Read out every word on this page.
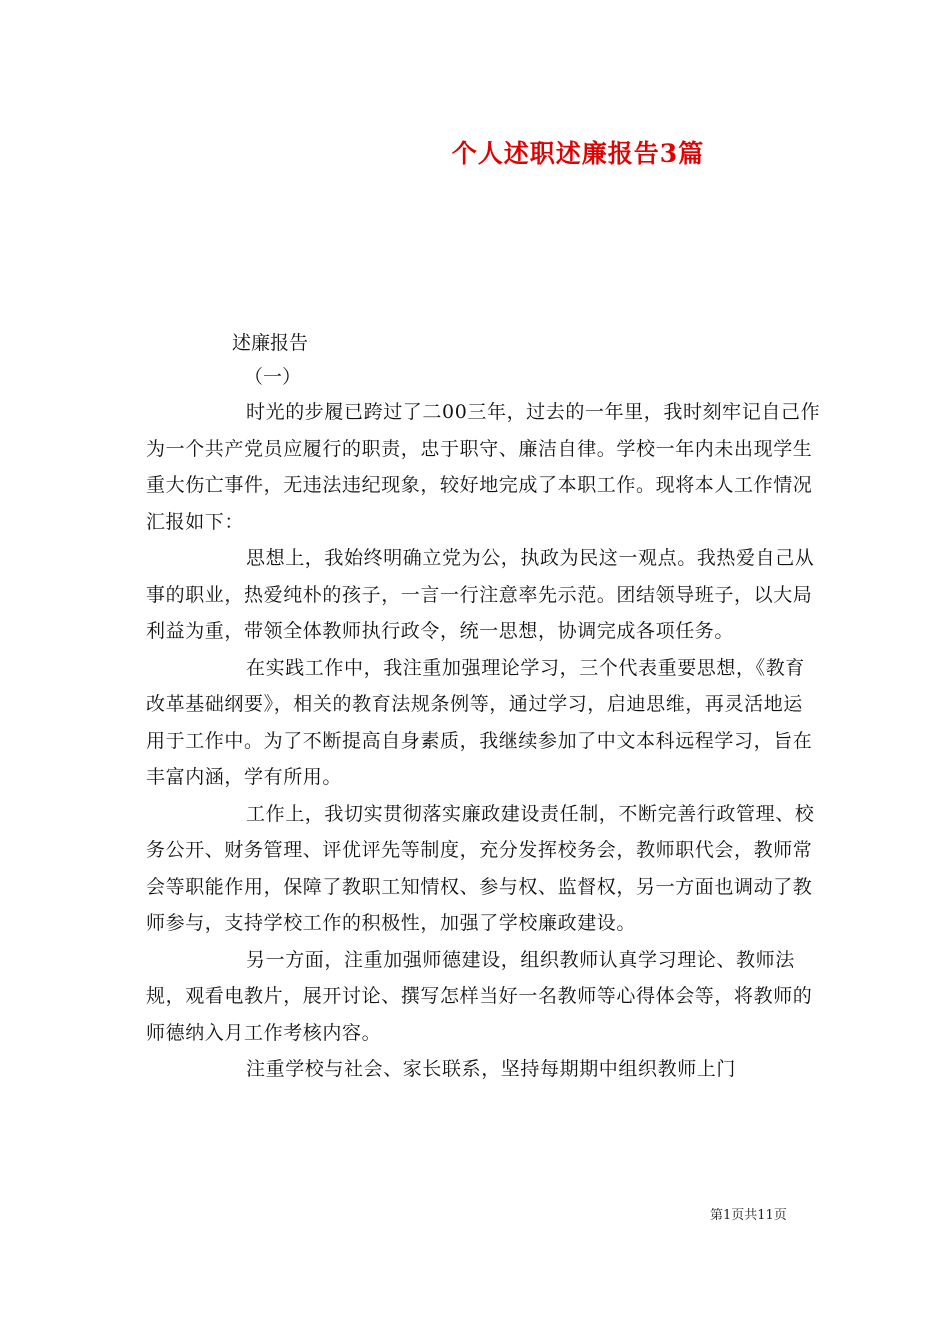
个人述职述廉报告3篇
述廉报告
（一）

时光的步履已跨过了二00三年，过去的一年里，我时刻牢记自己作为一个共产党员应履行的职责，忠于职守、廉洁自律。学校一年内未出现学生重大伤亡事件，无违法违纪现象，较好地完成了本职工作。现将本人工作情况汇报如下：

思想上，我始终明确立党为公，执政为民这一观点。我热爱自己从事的职业，热爱纯朴的孩子，一言一行注意率先示范。团结领导班子，以大局利益为重，带领全体教师执行政令，统一思想，协调完成各项任务。

在实践工作中，我注重加强理论学习，三个代表重要思想，《教育改革基础纲要》，相关的教育法规条例等，通过学习，启迪思维，再灵活地运用于工作中。为了不断提高自身素质，我继续参加了中文本科远程学习，旨在丰富内涵，学有所用。

工作上，我切实贯彻落实廉政建设责任制，不断完善行政管理、校务公开、财务管理、评优评先等制度，充分发挥校务会，教师职代会，教师常会等职能作用，保障了教职工知情权、参与权、监督权，另一方面也调动了教师参与，支持学校工作的积极性，加强了学校廉政建设。

另一方面，注重加强师德建设，组织教师认真学习理论、教师法规，观看电教片，展开讨论、撰写怎样当好一名教师等心得体会等，将教师的师德纳入月工作考核内容。

注重学校与社会、家长联系，坚持每期期中组织教师上门

第1页共11页
